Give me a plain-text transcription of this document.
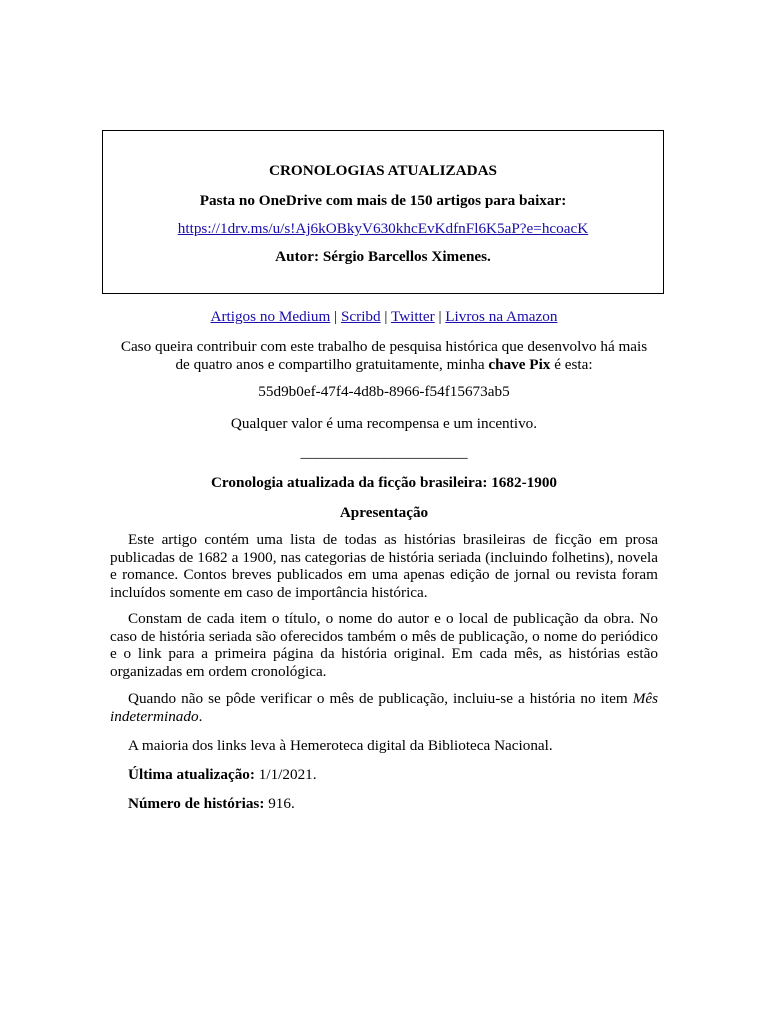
CRONOLOGIAS ATUALIZADAS
Pasta no OneDrive com mais de 150 artigos para baixar:
https://1drv.ms/u/s!Aj6kOBkyV630khcEvKdfnFl6K5aP?e=hcoacK
Autor: Sérgio Barcellos Ximenes.
Artigos no Medium | Scribd | Twitter | Livros na Amazon
Caso queira contribuir com este trabalho de pesquisa histórica que desenvolvo há mais
de quatro anos e compartilho gratuitamente, minha chave Pix é esta:
55d9b0ef-47f4-4d8b-8966-f54f15673ab5
Qualquer valor é uma recompensa e um incentivo.
______________________
Cronologia atualizada da ficção brasileira: 1682-1900
Apresentação

Este artigo contém uma lista de todas as histórias brasileiras de ficção em prosa publicadas de 1682 a 1900, nas categorias de história seriada (incluindo folhetins), novela e romance. Contos breves publicados em uma apenas edição de jornal ou revista foram incluídos somente em caso de importância histórica.

Constam de cada item o título, o nome do autor e o local de publicação da obra. No caso de história seriada são oferecidos também o mês de publicação, o nome do periódico e o link para a primeira página da história original. Em cada mês, as histórias estão organizadas em ordem cronológica.

Quando não se pôde verificar o mês de publicação, incluiu-se a história no item Mês indeterminado.

A maioria dos links leva à Hemeroteca digital da Biblioteca Nacional.

Última atualização: 1/1/2021.

Número de histórias: 916.
